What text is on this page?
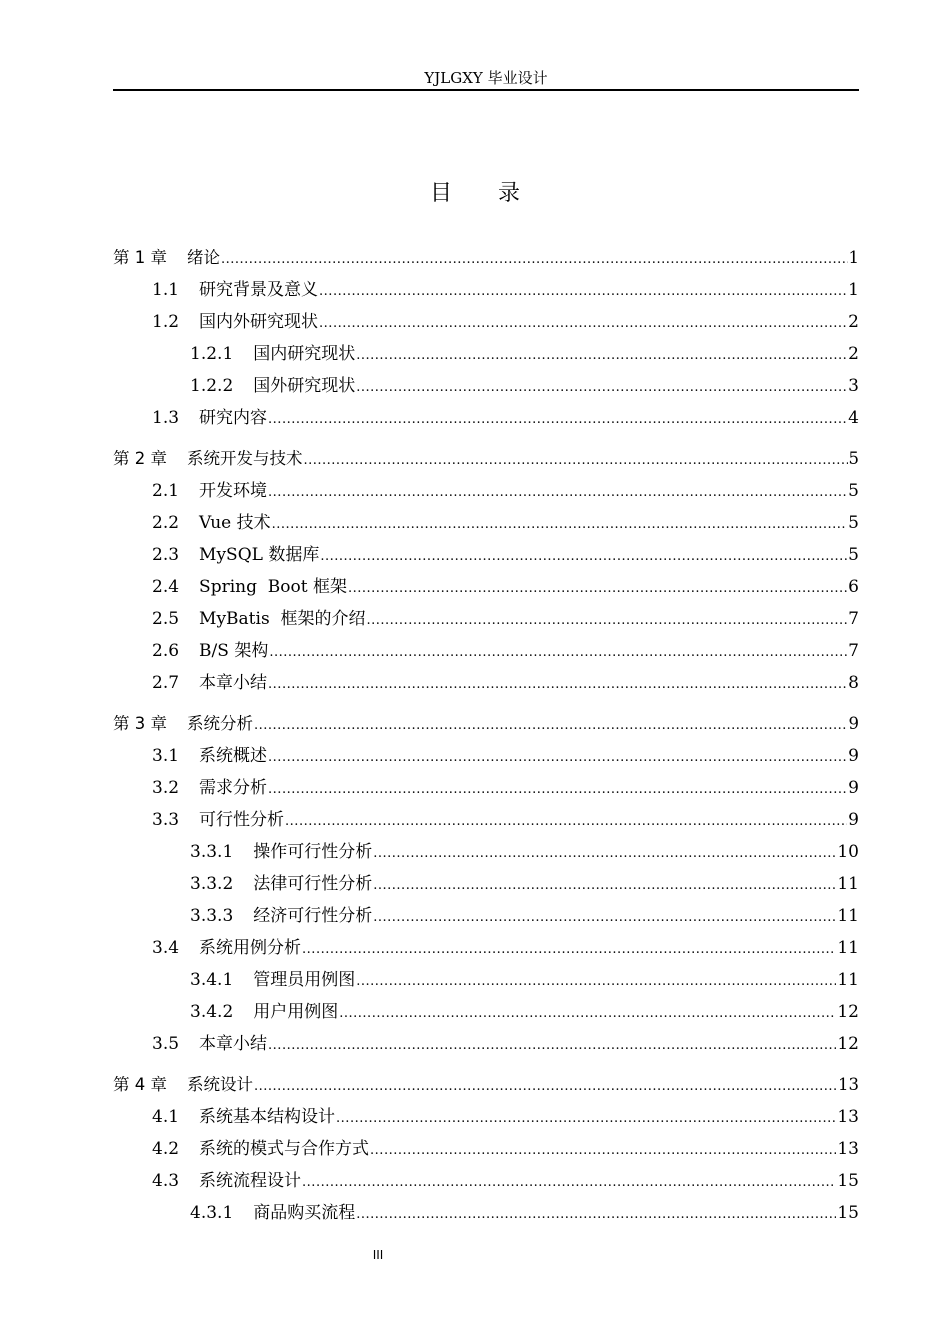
YJLGXY 毕业设计
目录
第 1 章 绪论 .....	1
1.1 研究背景及意义 .....	1
1.2 国内外研究现状 .....	2
1.2.1 国内研究现状 .....	2
1.2.2 国外研究现状 .....	3
1.3 研究内容 .....	4
第 2 章 系统开发与技术 .....	5
2.1 开发环境 .....	5
2.2 Vue 技术 .....	5
2.3 MySQL 数据库 .....	5
2.4 Spring  Boot 框架 .....	6
2.5 MyBatis  框架的介绍 .....	7
2.6 B/S 架构 .....	7
2.7 本章小结 .....	8
第 3 章 系统分析 .....	9
3.1 系统概述 .....	9
3.2 需求分析 .....	9
3.3 可行性分析 .....	9
3.3.1 操作可行性分析 .....	10
3.3.2 法律可行性分析 .....	11
3.3.3 经济可行性分析 .....	11
3.4 系统用例分析 .....	11
3.4.1 管理员用例图 .....	11
3.4.2 用户用例图 .....	12
3.5 本章小结 .....	12
第 4 章 系统设计 .....	13
4.1 系统基本结构设计 .....	13
4.2 系统的模式与合作方式 .....	13
4.3 系统流程设计 .....	15
4.3.1 商品购买流程 .....	15
III
